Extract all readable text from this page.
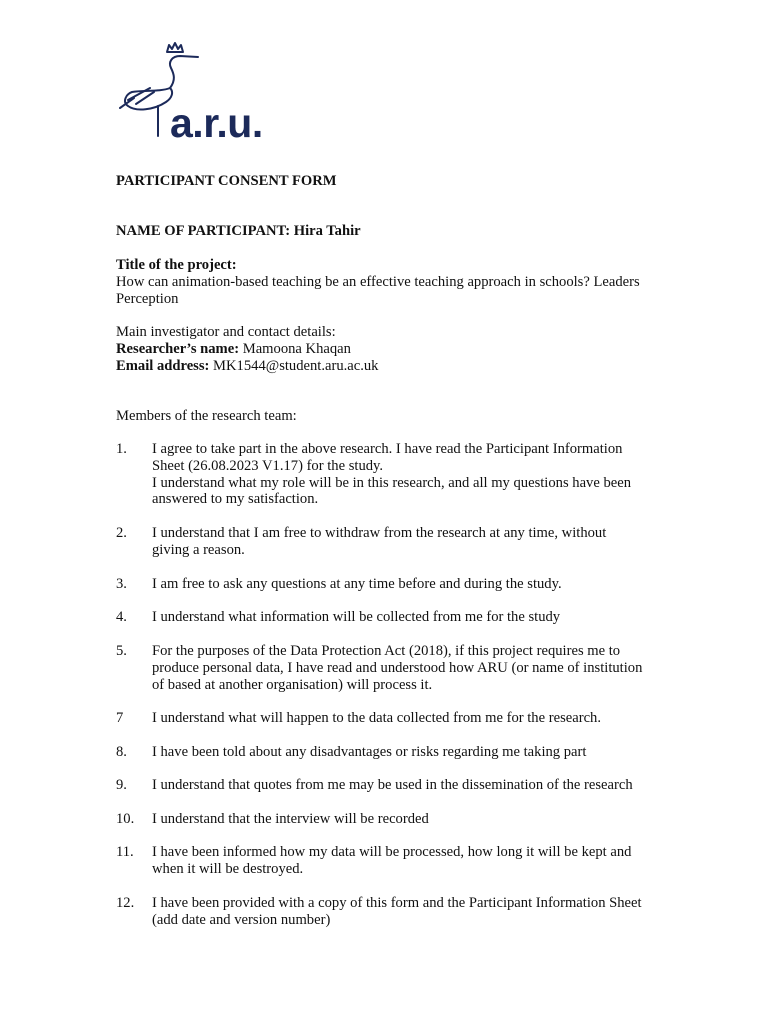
a.r.u.
PARTICIPANT CONSENT FORM
NAME OF PARTICIPANT: Hira Tahir
Title of the project:
How can animation-based teaching be an effective teaching approach in schools? Leaders
Perception
Main investigator and contact details:
Researcher’s name: Mamoona Khaqan
Email address: MK1544@student.aru.ac.uk
Members of the research team:
1. I agree to take part in the above research. I have read the Participant Information
Sheet (26.08.2023 V1.17) for the study.
I understand what my role will be in this research, and all my questions have been
answered to my satisfaction.
2. I understand that I am free to withdraw from the research at any time, without
giving a reason.
3. I am free to ask any questions at any time before and during the study.
4. I understand what information will be collected from me for the study
5. For the purposes of the Data Protection Act (2018), if this project requires me to
produce personal data, I have read and understood how ARU (or name of institution
of based at another organisation) will process it.
7 I understand what will happen to the data collected from me for the research.
8. I have been told about any disadvantages or risks regarding me taking part
9. I understand that quotes from me may be used in the dissemination of the research
10. I understand that the interview will be recorded
11. I have been informed how my data will be processed, how long it will be kept and
when it will be destroyed.
12. I have been provided with a copy of this form and the Participant Information Sheet
(add date and version number)
